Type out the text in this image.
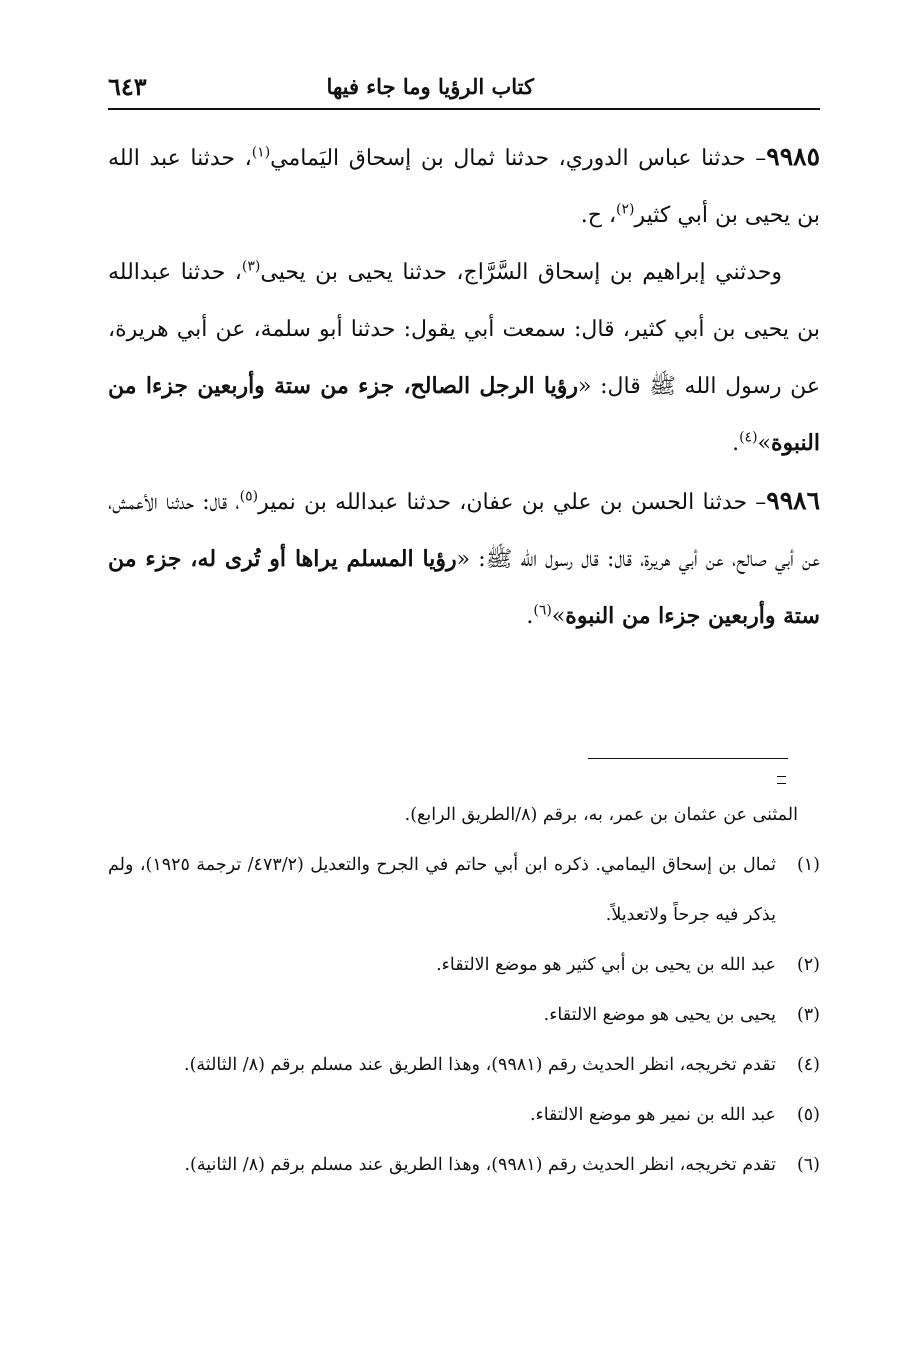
كتاب الرؤيا وما جاء فيها
٦٤٣

٩٩٨٥– حدثنا عباس الدوري، حدثنا ثمال بن إسحاق اليَمامي$^{(١)}$، حدثنا عبد الله بن يحيى بن أبي كثير$^{(٢)}$، ح.

وحدثني إبراهيم بن إسحاق السَّرَّاج، حدثنا يحيى بن يحيى$^{(٣)}$، حدثنا عبدالله بن يحيى بن أبي كثير، قال: سمعت أبي يقول: حدثنا أبو سلمة، عن أبي هريرة، عن رسول الله ﷺ قال: «رؤيا الرجل الصالح، جزء من ستة وأربعين جزءا من النبوة»$^{(٤)}$.

٩٩٨٦– حدثنا الحسن بن علي بن عفان، حدثنا عبدالله بن نمير$^{(٥)}$، قال: حدثنا الأعمش، عن أبي صالح، عن أبي هريرة، قال: قال رسول الله ﷺ: «رؤيا المسلم يراها أو تُرى له، جزء من ستة وأربعين جزءا من النبوة»$^{(٦)}$.

المثنى عن عثمان بن عمر، به، برقم (٨/الطريق الرابع).
(١)
ثمال بن إسحاق اليمامي. ذكره ابن أبي حاتم في الجرح والتعديل (٤٧٣/٢/ ترجمة ١٩٢٥)، ولم يذكر فيه جرحاً ولاتعديلاً.
(٢)
عبد الله بن يحيى بن أبي كثير هو موضع الالتقاء.
(٣)
يحيى بن يحيى هو موضع الالتقاء.
(٤)
تقدم تخريجه، انظر الحديث رقم (٩٩٨١)، وهذا الطريق عند مسلم برقم (٨/ الثالثة).
(٥)
عبد الله بن نمير هو موضع الالتقاء.
(٦)
تقدم تخريجه، انظر الحديث رقم (٩٩٨١)، وهذا الطريق عند مسلم برقم (٨/ الثانية).
